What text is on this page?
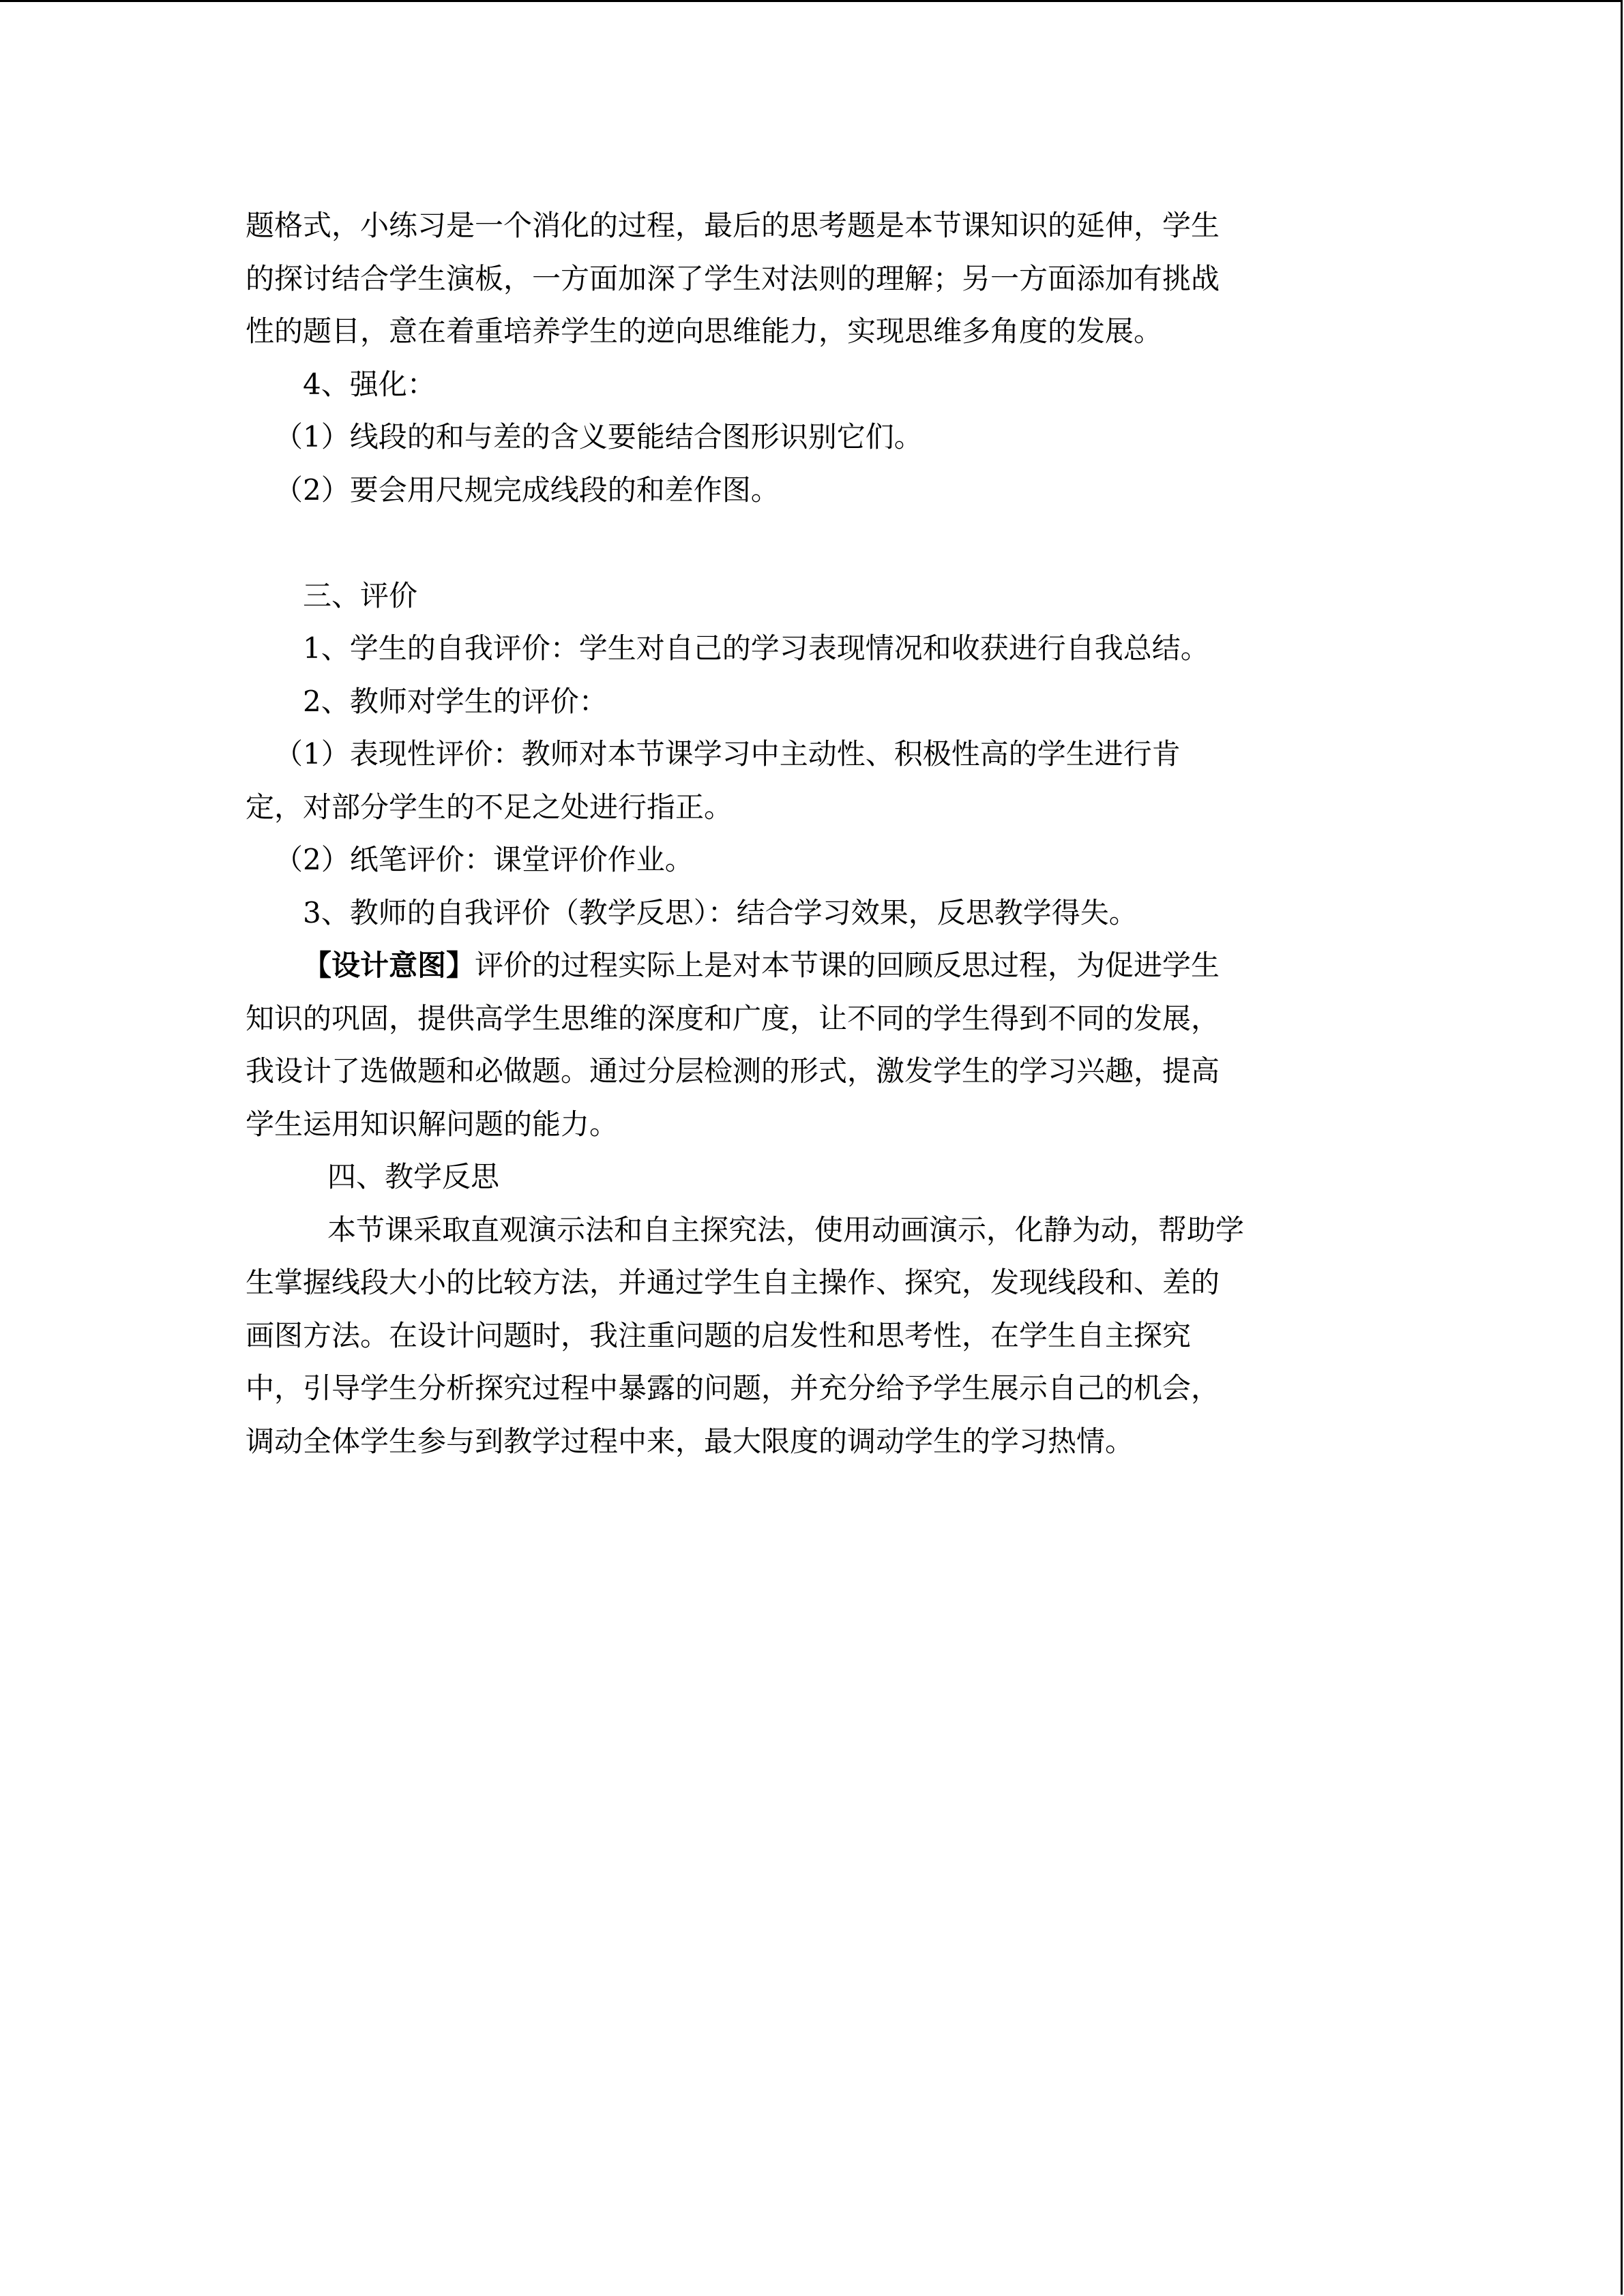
题格式，小练习是一个消化的过程，最后的思考题是本节课知识的延伸，学生

的探讨结合学生演板，一方面加深了学生对法则的理解；另一方面添加有挑战

性的题目，意在着重培养学生的逆向思维能力，实现思维多角度的发展。

4、强化：

（1）线段的和与差的含义要能结合图形识别它们。

（2）要会用尺规完成线段的和差作图。

三、评价

1、学生的自我评价：学生对自己的学习表现情况和收获进行自我总结。

2、教师对学生的评价：

（1）表现性评价：教师对本节课学习中主动性、积极性高的学生进行肯

定，对部分学生的不足之处进行指正。

（2）纸笔评价：课堂评价作业。

3、教师的自我评价（教学反思）：结合学习效果，反思教学得失。

【设计意图】评价的过程实际上是对本节课的回顾反思过程，为促进学生

知识的巩固，提供高学生思维的深度和广度，让不同的学生得到不同的发展，

我设计了选做题和必做题。通过分层检测的形式，激发学生的学习兴趣，提高

学生运用知识解问题的能力。

四、教学反思

本节课采取直观演示法和自主探究法，使用动画演示，化静为动，帮助学

生掌握线段大小的比较方法，并通过学生自主操作、探究，发现线段和、差的

画图方法。在设计问题时，我注重问题的启发性和思考性，在学生自主探究

中，引导学生分析探究过程中暴露的问题，并充分给予学生展示自己的机会，

调动全体学生参与到教学过程中来，最大限度的调动学生的学习热情。
